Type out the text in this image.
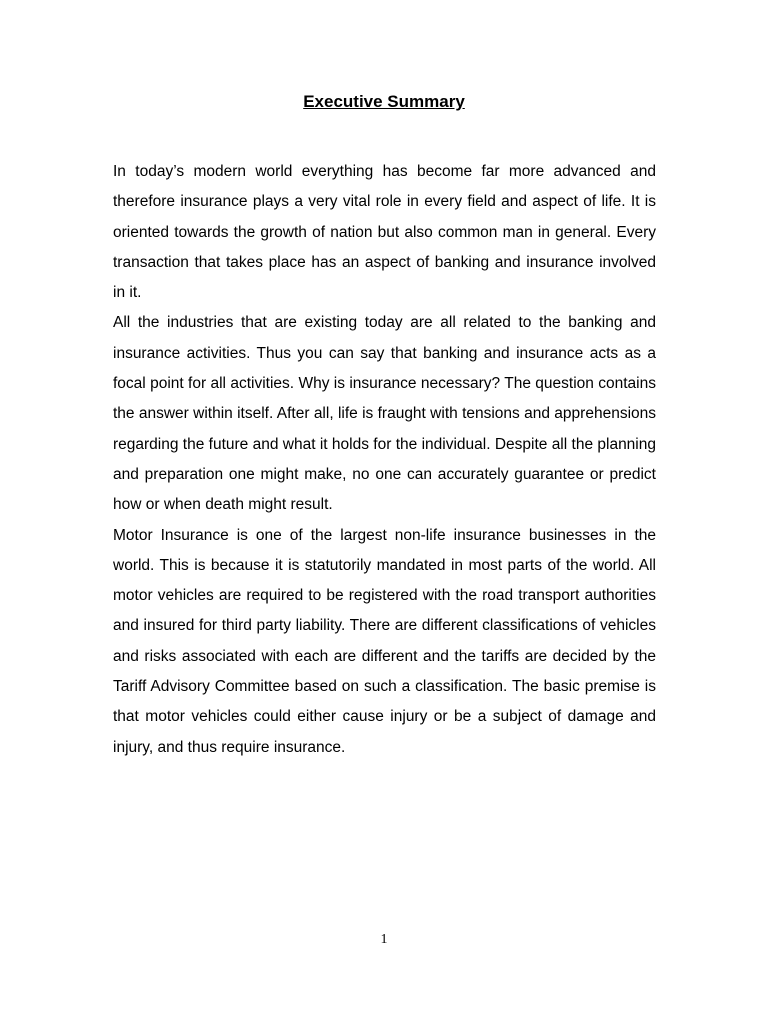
Executive Summary

In today’s modern world everything has become far more advanced and therefore insurance plays a very vital role in every field and aspect of life. It is oriented towards the growth of nation but also common man in general. Every transaction that takes place has an aspect of banking and insurance involved in it.

All the industries that are existing today are all related to the banking and insurance activities. Thus you can say that banking and insurance acts as a focal point for all activities. Why is insurance necessary? The question contains the answer within itself. After all, life is fraught with tensions and apprehensions regarding the future and what it holds for the individual. Despite all the planning and preparation one might make, no one can accurately guarantee or predict how or when death might result.

Motor Insurance is one of the largest non-life insurance businesses in the world. This is because it is statutorily mandated in most parts of the world. All motor vehicles are required to be registered with the road transport authorities and insured for third party liability. There are different classifications of vehicles and risks associated with each are different and the tariffs are decided by the Tariff Advisory Committee based on such a classification. The basic premise is that motor vehicles could either cause injury or be a subject of damage and injury, and thus require insurance.

1
